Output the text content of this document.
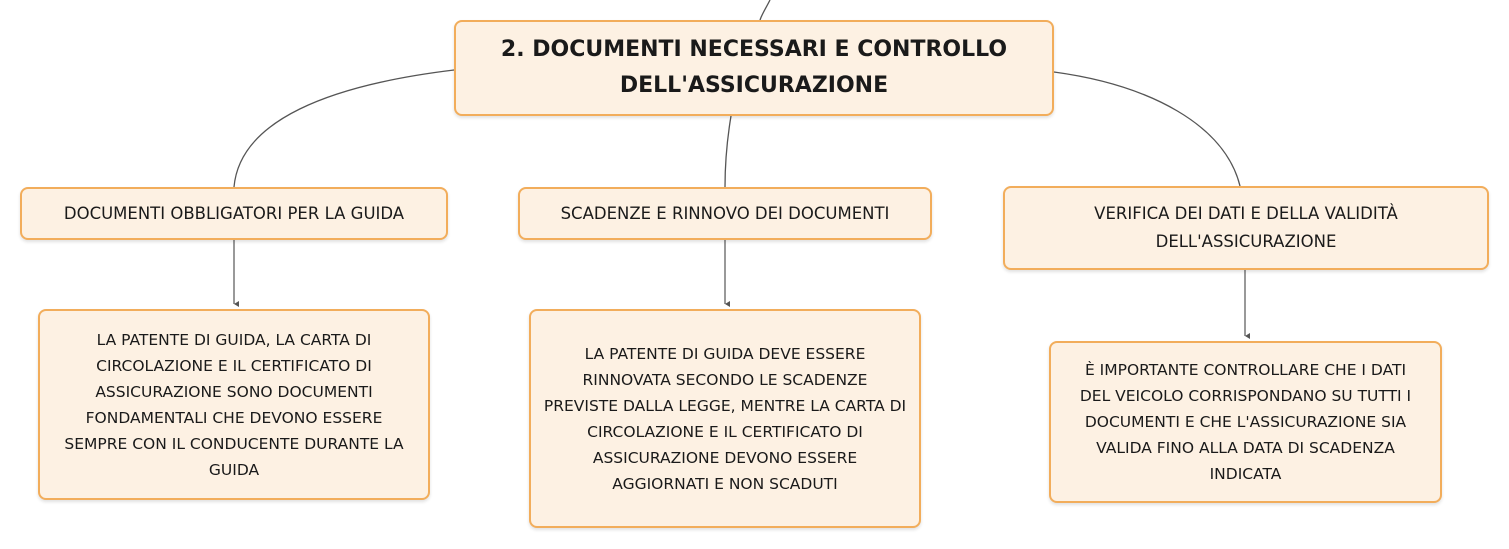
2. DOCUMENTI NECESSARI E CONTROLLO
DELL'ASSICURAZIONE
DOCUMENTI OBBLIGATORI PER LA GUIDA	SCADENZE E RINNOVO DEI DOCUMENTI	VERIFICA DEI DATI E DELLA VALIDITÀ
DELL'ASSICURAZIONE
LA PATENTE DI GUIDA, LA CARTA DI
CIRCOLAZIONE E IL CERTIFICATO DI
ASSICURAZIONE SONO DOCUMENTI
FONDAMENTALI CHE DEVONO ESSERE
SEMPRE CON IL CONDUCENTE DURANTE LA
GUIDA
LA PATENTE DI GUIDA DEVE ESSERE
RINNOVATA SECONDO LE SCADENZE
PREVISTE DALLA LEGGE, MENTRE LA CARTA DI
CIRCOLAZIONE E IL CERTIFICATO DI
ASSICURAZIONE DEVONO ESSERE
AGGIORNATI E NON SCADUTI
È IMPORTANTE CONTROLLARE CHE I DATI
DEL VEICOLO CORRISPONDANO SU TUTTI I
DOCUMENTI E CHE L'ASSICURAZIONE SIA
VALIDA FINO ALLA DATA DI SCADENZA
INDICATA
